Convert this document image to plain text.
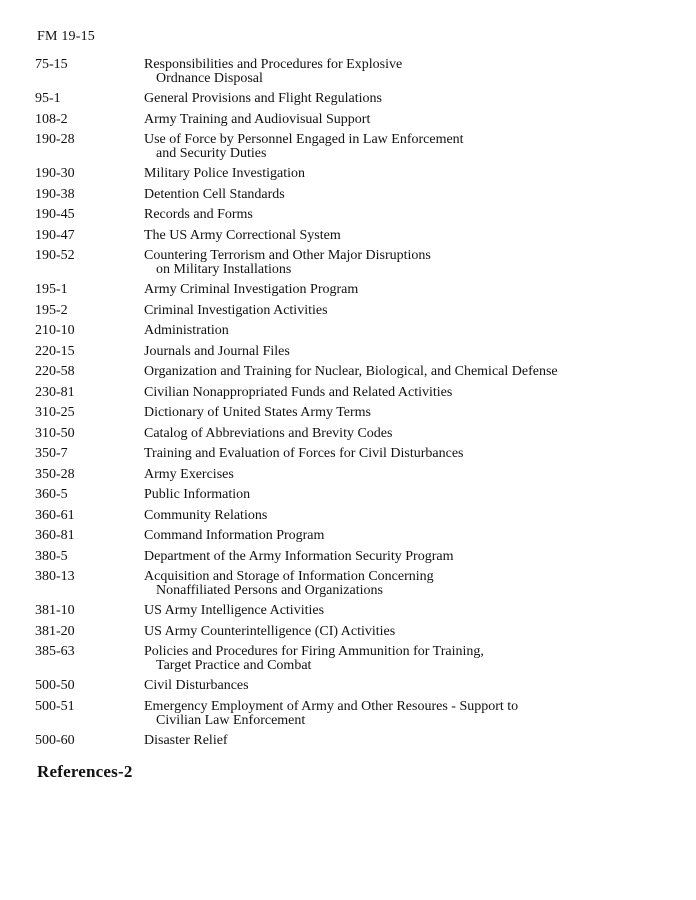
FM 19-15
75-15	Responsibilities and Procedures for Explosive
Ordnance Disposal
95-1	General Provisions and Flight Regulations
108-2	Army Training and Audiovisual Support
190-28	Use of Force by Personnel Engaged in Law Enforcement
and Security Duties
190-30	Military Police Investigation
190-38	Detention Cell Standards
190-45	Records and Forms
190-47	The US Army Correctional System
190-52	Countering Terrorism and Other Major Disruptions
on Military Installations
195-1	Army Criminal Investigation Program
195-2	Criminal Investigation Activities
210-10	Administration
220-15	Journals and Journal Files
220-58	Organization and Training for Nuclear, Biological, and Chemical Defense
230-81	Civilian Nonappropriated Funds and Related Activities
310-25	Dictionary of United States Army Terms
310-50	Catalog of Abbreviations and Brevity Codes
350-7	Training and Evaluation of Forces for Civil Disturbances
350-28	Army Exercises
360-5	Public Information
360-61	Community Relations
360-81	Command Information Program
380-5	Department of the Army Information Security Program
380-13	Acquisition and Storage of Information Concerning
Nonaffiliated Persons and Organizations
381-10	US Army Intelligence Activities
381-20	US Army Counterintelligence (CI) Activities
385-63	Policies and Procedures for Firing Ammunition for Training,
Target Practice and Combat
500-50	Civil Disturbances
500-51	Emergency Employment of Army and Other Resoures - Support to
Civilian Law Enforcement
500-60	Disaster Relief
References-2
